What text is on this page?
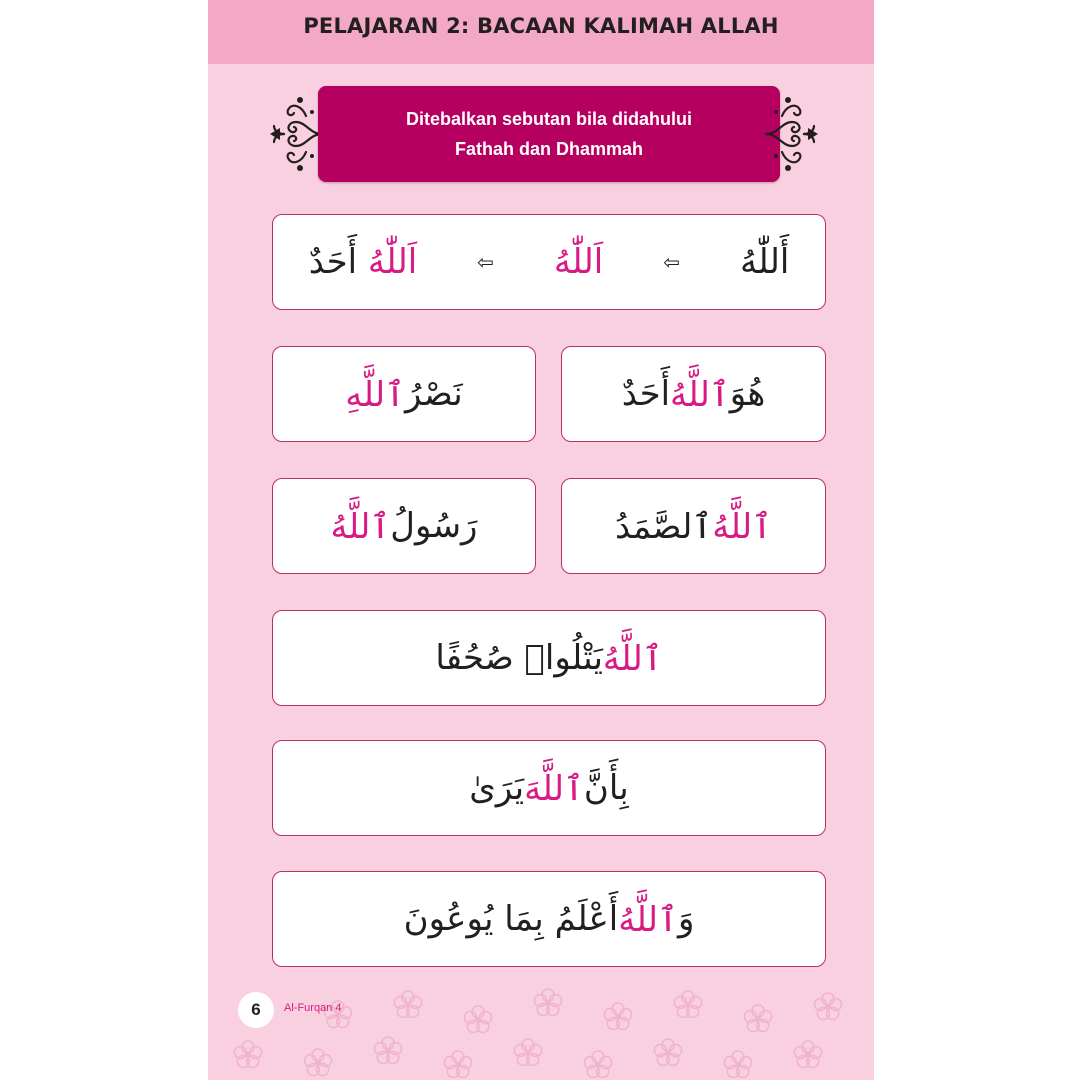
PELAJARAN 2: BACAAN KALIMAH ALLAH
Ditebalkan sebutan bila didahului
Fathah dan Dhammah
أَللّٰهُ
⇦
اَللّٰهُ
⇦
اَللّٰهُ أَحَدٌ
هُوَ
ٱللَّهُ
أَحَدٌ
نَصْرُ
ٱللَّهِ
ٱللَّهُ
ٱلصَّمَدُ
رَسُولُ
ٱللَّهُ
ٱللَّهُ
يَتْلُوا۟ صُحُفًا
بِأَنَّ
ٱللَّهَ
يَرَىٰ
وَ
ٱللَّهُ
أَعْلَمُ بِمَا يُوعُونَ
6	Al-Furqan 4
